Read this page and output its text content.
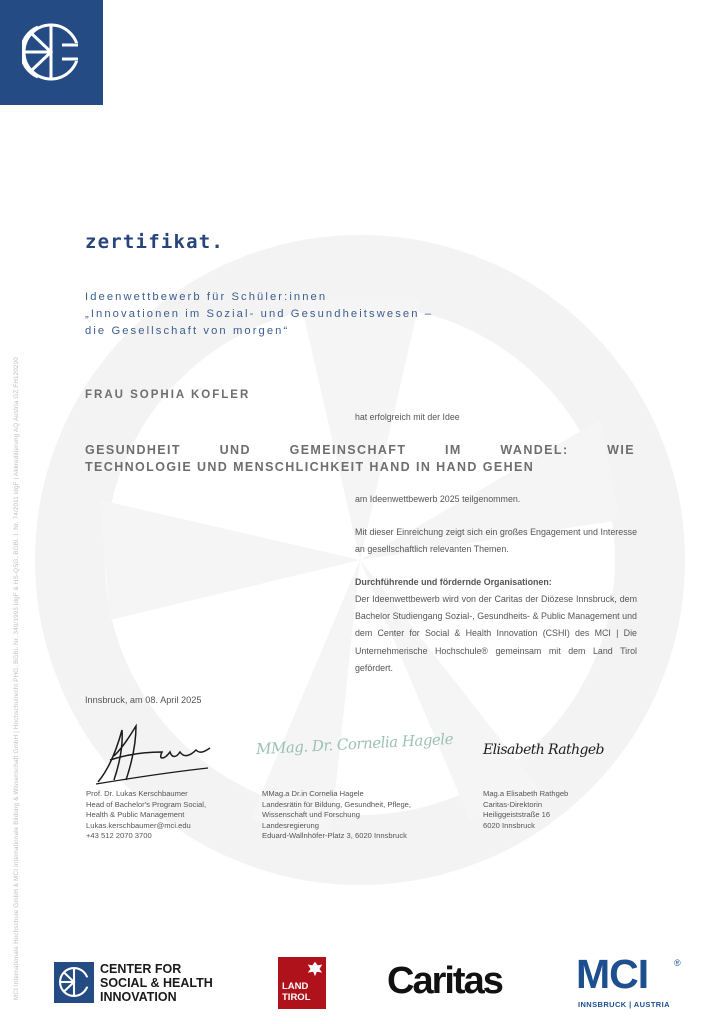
MCI Internationale Hochschule GmbH & MCI Internationale Bildung & Wissenschaft GmbH | Hochschulrecht PHG, BGBl. Nr. 340/1993 idgF & HS-QSG, BGBl. I. Nr. 74/2011 idgF | Akkreditierung AQ Austria GZ FH120200
zertifikat.
Ideenwettbewerb für Schüler:innen
„Innovationen im Sozial- und Gesundheitswesen –
die Gesellschaft von morgen“
FRAU SOPHIA KOFLER
hat erfolgreich mit der Idee
GESUNDHEIT UND GEMEINSCHAFT IM WANDEL: WIE
TECHNOLOGIE UND MENSCHLICHKEIT HAND IN HAND GEHEN
am Ideenwettbewerb 2025 teilgenommen.
Mit dieser Einreichung zeigt sich ein großes Engagement und Interesse an gesellschaftlich relevanten Themen.
Durchführende und fördernde Organisationen:
Der Ideenwettbewerb wird von der Caritas der Diözese Innsbruck, dem Bachelor Studiengang Sozial-, Gesundheits- & Public Management und dem Center for Social & Health Innovation (CSHI) des MCI | Die Unternehmerische Hochschule® gemeinsam mit dem Land Tirol gefördert.
Innsbruck, am 08. April 2025
MMag. Dr. Cornelia Hagele Elisabeth Rathgeb
Prof. Dr. Lukas Kerschbaumer
Head of Bachelor's Program Social,
Health & Public Management
Lukas.kerschbaumer@mci.edu
+43 512 2070 3700
MMag.a Dr.in Cornelia Hagele
Landesrätin für Bildung, Gesundheit, Pflege,
Wissenschaft und Forschung
Landesregierung
Eduard-Wallnhöfer-Platz 3, 6020 Innsbruck
Mag.a Elisabeth Rathgeb
Caritas-Direktorin
Heiliggeiststraße 16
6020 Innsbruck
CENTER FOR
SOCIAL & HEALTH
INNOVATION
LAND
TIROL Caritas MCI	®
INNSBRUCK | AUSTRIA
